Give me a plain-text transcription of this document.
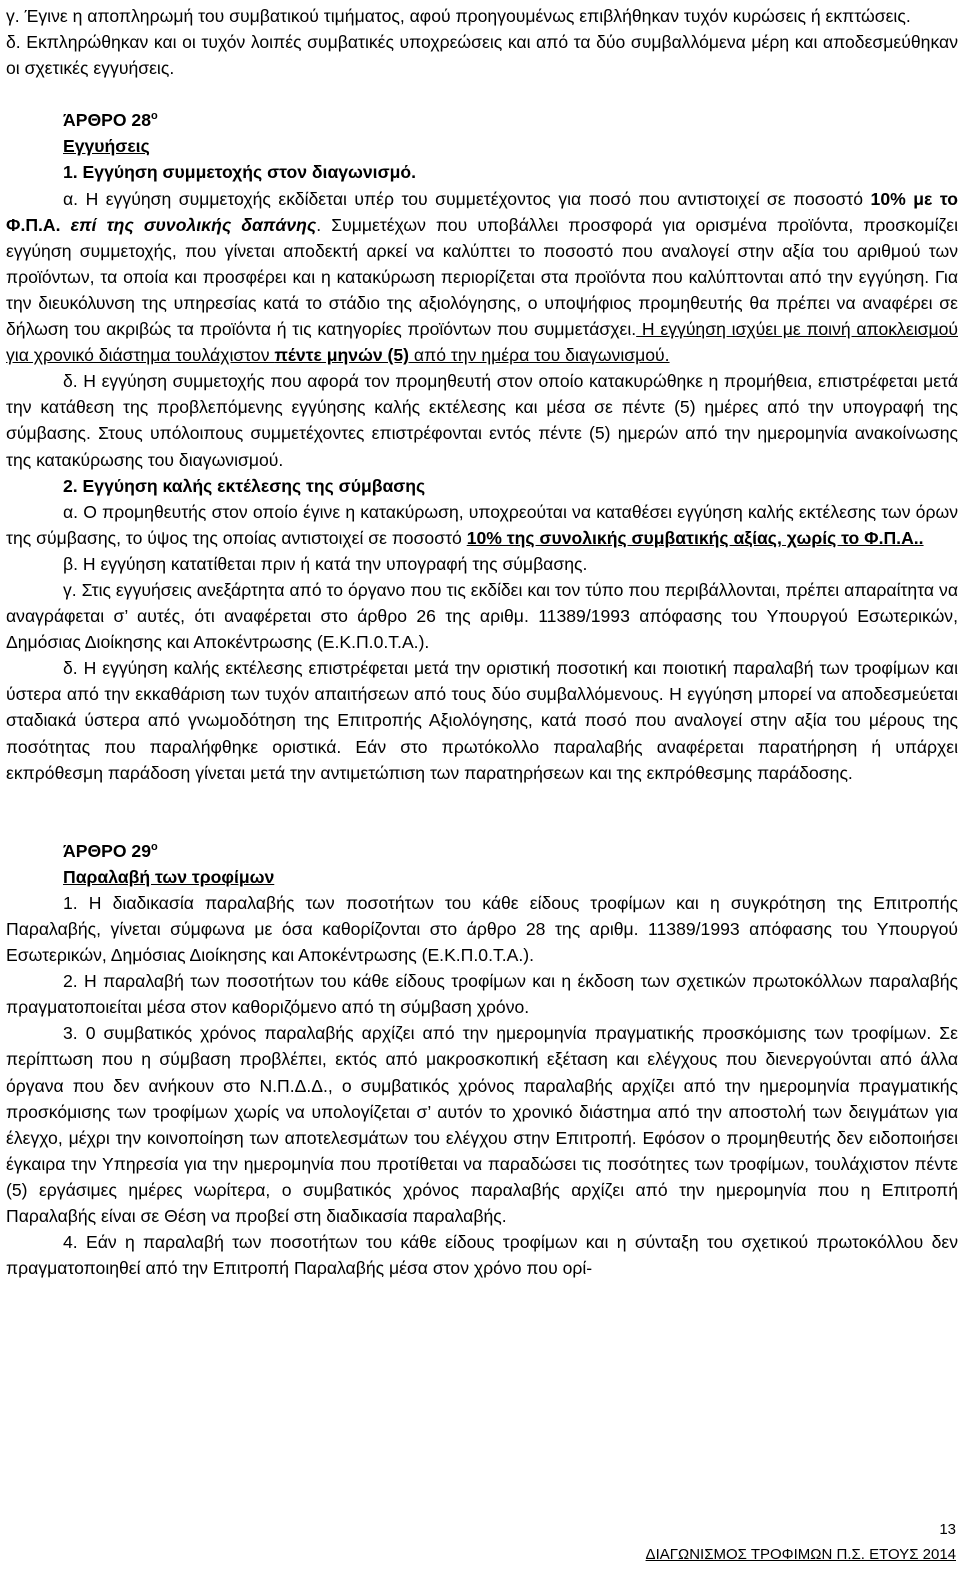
γ. Έγινε η αποπληρωμή του συμβατικού τιμήματος, αφού προηγουμένως επιβλήθηκαν τυχόν κυρώσεις ή εκπτώσεις.

δ. Εκπληρώθηκαν και οι τυχόν λοιπές συμβατικές υποχρεώσεις και από τα δύο συμβαλλόμενα μέρη και αποδεσμεύθηκαν οι σχετικές εγγυήσεις.

ΆΡΘΡΟ $28^o$

Εγγυήσεις

1. Εγγύηση συμμετοχής στον διαγωνισμό.

α. Η εγγύηση συμμετοχής εκδίδεται υπέρ του συμμετέχοντος για ποσό που αντιστοιχεί σε ποσοστό 10% με το Φ.Π.Α. επί της συνολικής δαπάνης. Συμμετέχων που υποβάλλει προσφορά για ορισμένα προϊόντα, προσκομίζει εγγύηση συμμετοχής, που γίνεται αποδεκτή αρκεί να καλύπτει το ποσοστό που αναλογεί στην αξία του αριθμού των προϊόντων, τα οποία και προσφέρει και η κατακύρωση περιορίζεται στα προϊόντα που καλύπτονται από την εγγύηση. Για την διευκόλυνση της υπηρεσίας κατά το στάδιο της αξιολόγησης, ο υποψήφιος προμηθευτής θα πρέπει να αναφέρει σε δήλωση του ακριβώς τα προϊόντα ή τις κατηγορίες προϊόντων που συμμετάσχει. Η εγγύηση ισχύει με ποινή αποκλεισμού για χρονικό διάστημα τουλάχιστον πέντε μηνών (5) από την ημέρα του διαγωνισμού.

δ. Η εγγύηση συμμετοχής που αφορά τον προμηθευτή στον οποίο κατακυρώθηκε η προμήθεια, επιστρέφεται μετά την κατάθεση της προβλεπόμενης εγγύησης καλής εκτέλεσης και μέσα σε πέντε (5) ημέρες από την υπογραφή της σύμβασης. Στους υπόλοιπους συμμετέχοντες επιστρέφονται εντός πέντε (5) ημερών από την ημερομηνία ανακοίνωσης της κατακύρωσης του διαγωνισμού.

2. Εγγύηση καλής εκτέλεσης της σύμβασης

α. Ο προμηθευτής στον οποίο έγινε η κατακύρωση, υποχρεούται να καταθέσει εγγύηση καλής εκτέλεσης των όρων της σύμβασης, το ύψος της οποίας αντιστοιχεί σε ποσοστό 10% της συνολικής συμβατικής αξίας, χωρίς το Φ.Π.Α..

β. Η εγγύηση κατατίθεται πριν ή κατά την υπογραφή της σύμβασης.

γ. Στις εγγυήσεις ανεξάρτητα από το όργανο που τις εκδίδει και τον τύπο που περιβάλλονται, πρέπει απαραίτητα να αναγράφεται σ’ αυτές, ότι αναφέρεται στο άρθρο 26 της αριθμ. 11389/1993 απόφασης του Υπουργού Εσωτερικών, Δημόσιας Διοίκησης και Αποκέντρωσης (Ε.Κ.Π.0.Τ.Α.).

δ. Η εγγύηση καλής εκτέλεσης επιστρέφεται μετά την οριστική ποσοτική και ποιοτική παραλαβή των τροφίμων και ύστερα από την εκκαθάριση των τυχόν απαιτήσεων από τους δύο συμβαλλόμενους. Η εγγύηση μπορεί να αποδεσμεύεται σταδιακά ύστερα από γνωμοδότηση της Επιτροπής Αξιολόγησης, κατά ποσό που αναλογεί στην αξία του μέρους της ποσότητας που παραλήφθηκε οριστικά. Εάν στο πρωτόκολλο παραλαβής αναφέρεται παρατήρηση ή υπάρχει εκπρόθεσμη παράδοση γίνεται μετά την αντιμετώπιση των παρατηρήσεων και της εκπρόθεσμης παράδοσης.

ΆΡΘΡΟ $29^o$

Παραλαβή των τροφίμων

1. Η διαδικασία παραλαβής των ποσοτήτων του κάθε είδους τροφίμων και η συγκρότηση της Επιτροπής Παραλαβής, γίνεται σύμφωνα με όσα καθορίζονται στο άρθρο 28 της αριθμ. 11389/1993 απόφασης του Υπουργού Εσωτερικών, Δημόσιας Διοίκησης και Αποκέντρωσης (Ε.Κ.Π.0.Τ.Α.).

2. Η παραλαβή των ποσοτήτων του κάθε είδους τροφίμων και η έκδοση των σχετικών πρωτοκόλλων παραλαβής πραγματοποιείται μέσα στον καθοριζόμενο από τη σύμβαση χρόνο.

3. 0 συμβατικός χρόνος παραλαβής αρχίζει από την ημερομηνία πραγματικής προσκόμισης των τροφίμων. Σε περίπτωση που η σύμβαση προβλέπει, εκτός από μακροσκοπική εξέταση και ελέγχους που διενεργούνται από άλλα όργανα που δεν ανήκουν στο Ν.Π.Δ.Δ., ο συμβατικός χρόνος παραλαβής αρχίζει από την ημερομηνία πραγματικής προσκόμισης των τροφίμων χωρίς να υπολογίζεται σ’ αυτόν το χρονικό διάστημα από την αποστολή των δειγμάτων για έλεγχο, μέχρι την κοινοποίηση των αποτελεσμάτων του ελέγχου στην Επιτροπή. Εφόσον ο προμηθευτής δεν ειδοποιήσει έγκαιρα την Υπηρεσία για την ημερομηνία που προτίθεται να παραδώσει τις ποσότητες των τροφίμων, τουλάχιστον πέντε (5) εργάσιμες ημέρες νωρίτερα, ο συμβατικός χρόνος παραλαβής αρχίζει από την ημερομηνία που η Επιτροπή Παραλαβής είναι σε Θέση να προβεί στη διαδικασία παραλαβής.

4. Εάν η παραλαβή των ποσοτήτων του κάθε είδους τροφίμων και η σύνταξη του σχετικού πρωτοκόλλου δεν πραγματοποιηθεί από την Επιτροπή Παραλαβής μέσα στον χρόνο που ορί-

13
ΔΙΑΓΩΝΙΣΜΟΣ ΤΡΟΦΙΜΩΝ Π.Σ. ΕΤΟΥΣ 2014
